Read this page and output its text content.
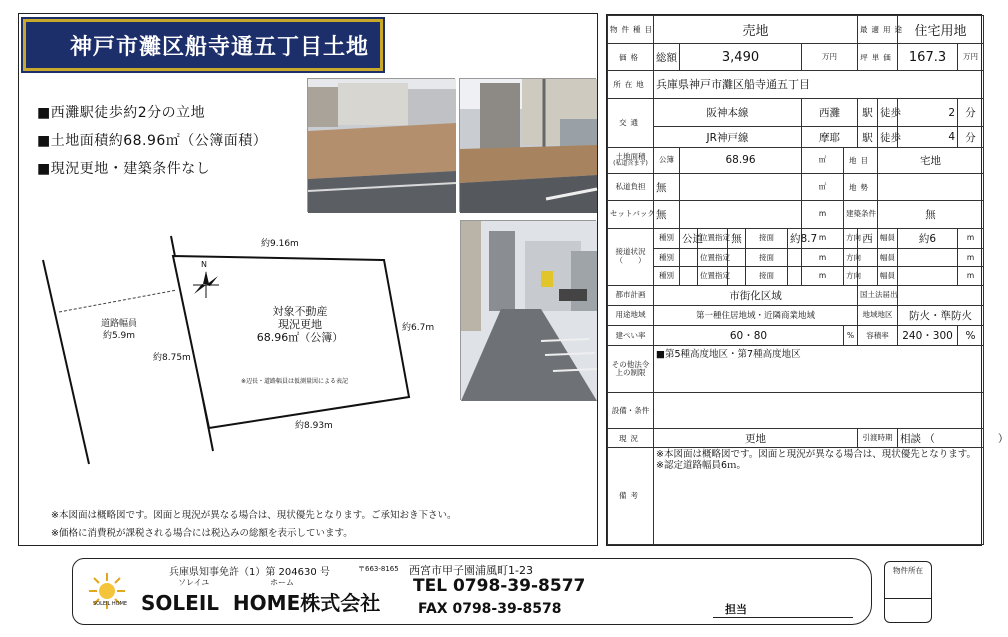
神戸市灘区船寺通五丁目土地
■西灘駅徒歩約2分の立地
■土地面積約68.96㎡（公簿面積）
■現況更地・建築条件なし
N
約9.16m
約6.7m
約8.75m
約8.93m
道路幅員
約5.9m
対象不動産
現況更地
68.96㎡（公簿）
※辺長・道路幅員は仮測量図による表記
※本図面は概略図です。図面と現況が異なる場合は、現状優先となります。ご承知おき下さい。
※価格に消費税が課税される場合には税込みの総額を表示しています。
物件種目	売地								最適用途		住宅用地	
価格	総額	3,490					万円		坪単価		167.3	万円
所在地	兵庫県神戸市灘区船寺通五丁目											
交通	阪神本線						西灘		駅	徒歩	2	分
	JR神戸線						摩耶		駅	徒歩	4	分

土地面積
(私道含まず)	公簿	68.96					㎡	地目		宅地		
私道負担	無						㎡	地勢				
セットバック	無						m	建築条件		無		

接道状況
（　　）	種別	公道	位置指定	無	接面	約8.7	m	方向	西	幅員	約6	m
	種別		位置指定		接面		m	方向		幅員		m
	種別		位置指定		接面		m	方向		幅員		m
都市計画	市街化区域								国土法届出			
用途地域	第一種住居地域・近隣商業地域								地域地区		防火・準防火	
建ぺい率	60・80							%	容積率		240・300	%
その他法令上の制限	■第5種高度地区・第7種高度地区											
設備・条件												
現況	更地								引渡時期		相談 （　　　　　　）	
備考	※本図面は概略図です。図面と現況が異なる場合は、現状優先となります。
※認定道路幅員6ｍ。											
SOLEIL HOME
兵庫県知事免許（1）第 204630 号	〒663-8165 西宮市甲子園浦風町1-23
ソレイユ	ホーム
SOLEIL  HOME株式会社
TEL 0798-39-8577
FAX 0798-39-8578	担当
物件所在
